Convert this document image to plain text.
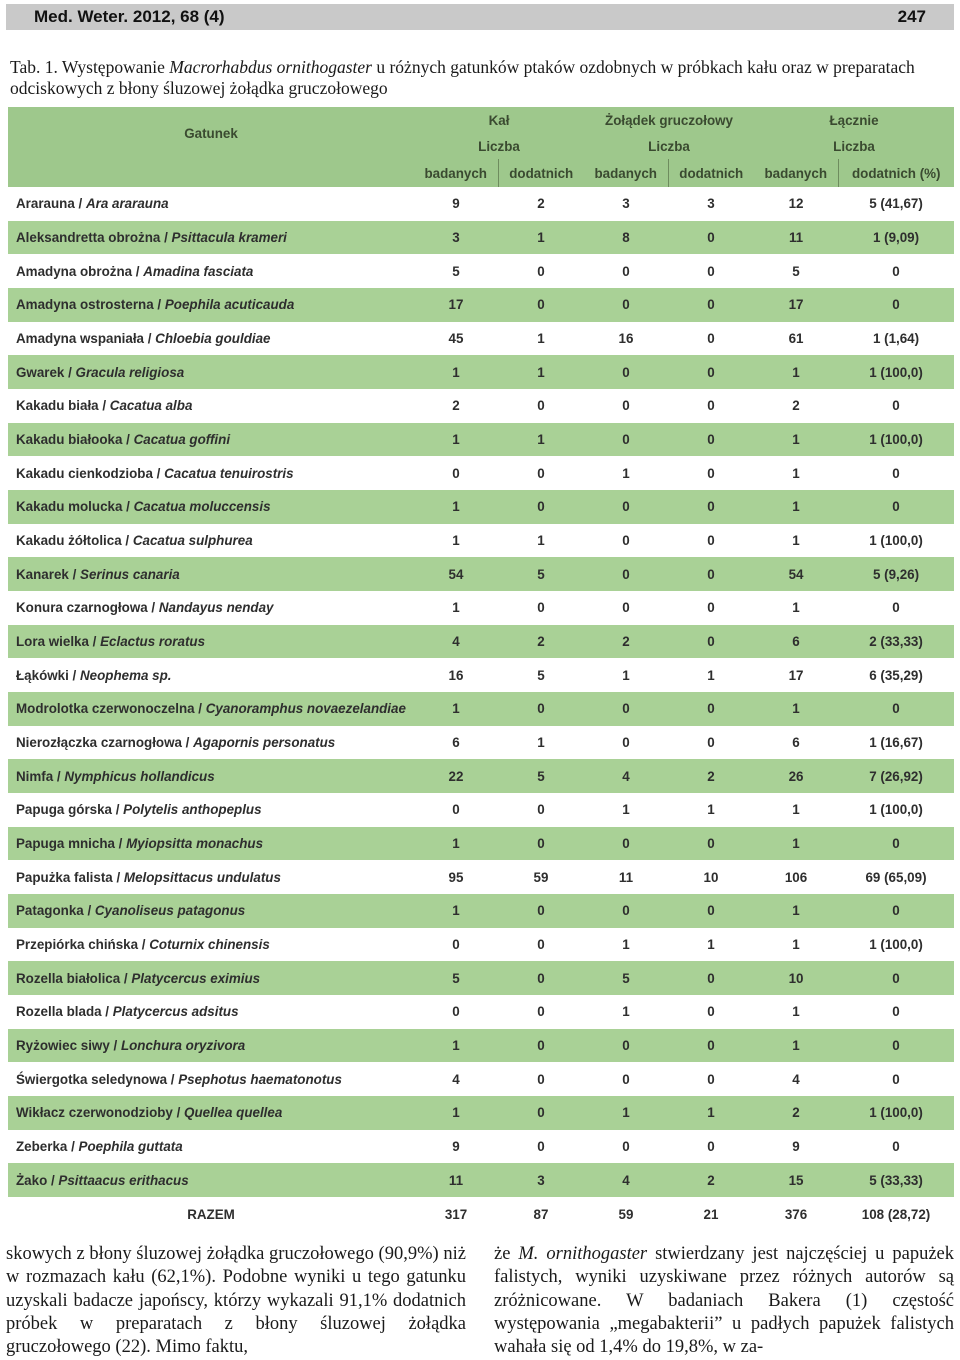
Med. Weter. 2012, 68 (4)	247
Tab. 1. Występowanie Macrorhabdus ornithogaster u różnych gatunków ptaków ozdobnych w próbkach kału oraz w preparatach odciskowych z błony śluzowej żołądka gruczołowego
Gatunek	Kał		Żołądek gruczołowy		Łącznie	
	Liczba		Liczba		Liczba	
	badanych	dodatnich	badanych	dodatnich	badanych	dodatnich (%)
Ararauna / Ara ararauna	9	2	3	3	12	5 (41,67)
Aleksandretta obrożna / Psittacula krameri	3	1	8	0	11	1 (9,09)
Amadyna obrożna / Amadina fasciata	5	0	0	0	5	0
Amadyna ostrosterna / Poephila acuticauda	17	0	0	0	17	0
Amadyna wspaniała / Chloebia gouldiae	45	1	16	0	61	1 (1,64)
Gwarek / Gracula religiosa	1	1	0	0	1	1 (100,0)
Kakadu biała / Cacatua alba	2	0	0	0	2	0
Kakadu białooka / Cacatua goffini	1	1	0	0	1	1 (100,0)
Kakadu cienkodzioba / Cacatua tenuirostris	0	0	1	0	1	0
Kakadu molucka / Cacatua moluccensis	1	0	0	0	1	0
Kakadu żółtolica / Cacatua sulphurea	1	1	0	0	1	1 (100,0)
Kanarek / Serinus canaria	54	5	0	0	54	5 (9,26)
Konura czarnogłowa / Nandayus nenday	1	0	0	0	1	0
Lora wielka / Eclactus roratus	4	2	2	0	6	2 (33,33)
Łąkówki / Neophema sp.	16	5	1	1	17	6 (35,29)
Modrolotka czerwonoczelna / Cyanoramphus novaezelandiae	1	0	0	0	1	0
Nierozłączka czarnogłowa / Agapornis personatus	6	1	0	0	6	1 (16,67)
Nimfa / Nymphicus hollandicus	22	5	4	2	26	7 (26,92)
Papuga górska / Polytelis anthopeplus	0	0	1	1	1	1 (100,0)
Papuga mnicha / Myiopsitta monachus	1	0	0	0	1	0
Papużka falista / Melopsittacus undulatus	95	59	11	10	106	69 (65,09)
Patagonka / Cyanoliseus patagonus	1	0	0	0	1	0
Przepiórka chińska / Coturnix chinensis	0	0	1	1	1	1 (100,0)
Rozella białolica / Platycercus eximius	5	0	5	0	10	0
Rozella blada / Platycercus adsitus	0	0	1	0	1	0
Ryżowiec siwy / Lonchura oryzivora	1	0	0	0	1	0
Świergotka seledynowa / Psephotus haematonotus	4	0	0	0	4	0
Wikłacz czerwonodzioby / Quellea quellea	1	0	1	1	2	1 (100,0)
Zeberka / Poephila guttata	9	0	0	0	9	0
Żako / Psittaacus erithacus	11	3	4	2	15	5 (33,33)
RAZEM	317	87	59	21	376	108 (28,72)

skowych z błony śluzowej żołądka gruczołowego (90,9%) niż w rozmazach kału (62,1%). Podobne wyniki u tego gatunku uzyskali badacze japońscy, którzy wykazali 91,1% dodatnich próbek w preparatach z błony śluzowej żołądka gruczołowego (22). Mimo faktu,

że M. ornithogaster stwierdzany jest najczęściej u papużek falistych, wyniki uzyskiwane przez różnych autorów są zróżnicowane. W badaniach Bakera (1) częstość występowania „megabakterii” u padłych papużek falistych wahała się od 1,4% do 19,8%, w za-
